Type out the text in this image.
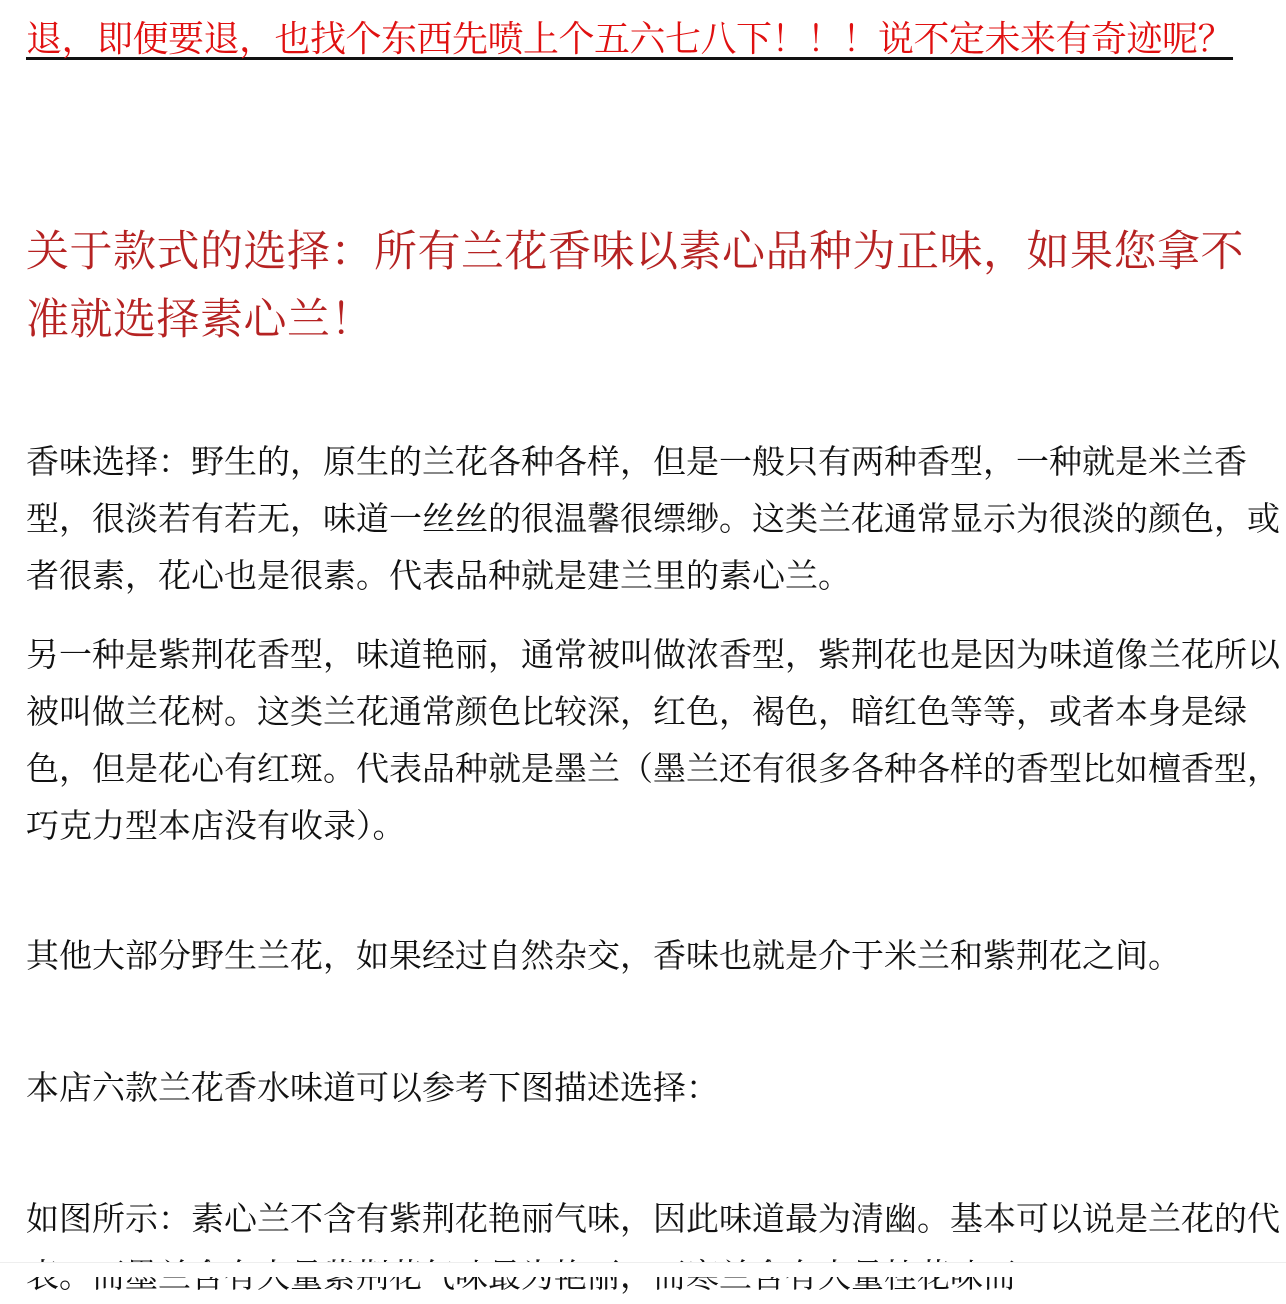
退，即便要退，也找个东西先喷上个五六七八下！！！说不定未来有奇迹呢？
关于款式的选择：所有兰花香味以素心品种为正味，如果您拿不准就选择素心兰！
香味选择：野生的，原生的兰花各种各样，但是一般只有两种香型，一种就是米兰香型，很淡若有若无，味道一丝丝的很温馨很缥缈。这类兰花通常显示为很淡的颜色，或者很素，花心也是很素。代表品种就是建兰里的素心兰。
另一种是紫荆花香型，味道艳丽，通常被叫做浓香型，紫荆花也是因为味道像兰花所以被叫做兰花树。这类兰花通常颜色比较深，红色，褐色，暗红色等等，或者本身是绿色，但是花心有红斑。代表品种就是墨兰（墨兰还有很多各种各样的香型比如檀香型，巧克力型本店没有收录）。
其他大部分野生兰花，如果经过自然杂交，香味也就是介于米兰和紫荆花之间。
本店六款兰花香水味道可以参考下图描述选择：
如图所示：素心兰不含有紫荆花艳丽气味，因此味道最为清幽。基本可以说是兰花的代
